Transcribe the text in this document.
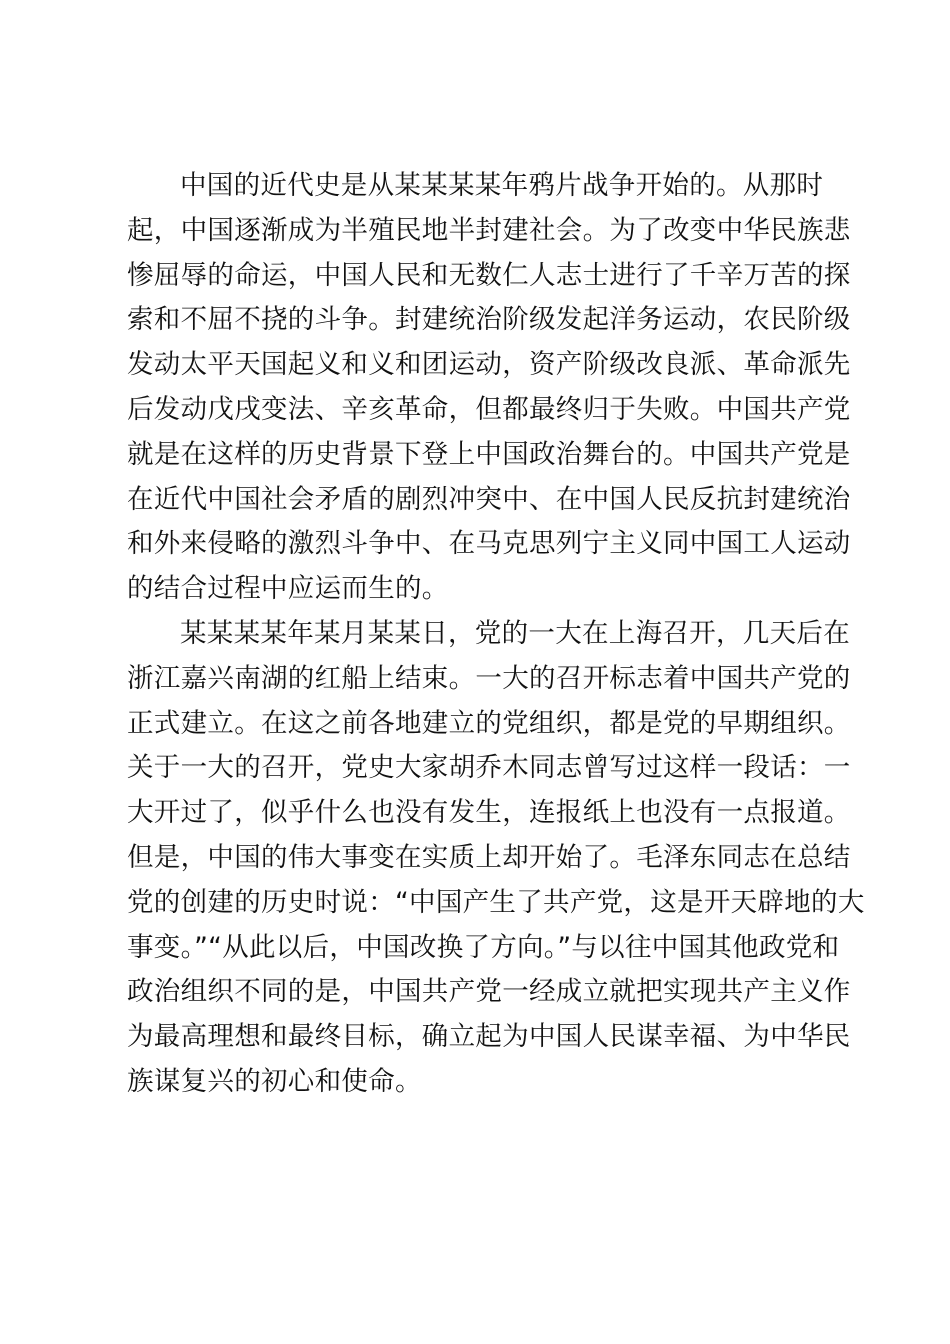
中国的近代史是从某某某某年鸦片战争开始的。从那时
起，中国逐渐成为半殖民地半封建社会。为了改变中华民族悲
惨屈辱的命运，中国人民和无数仁人志士进行了千辛万苦的探
索和不屈不挠的斗争。封建统治阶级发起洋务运动，农民阶级
发动太平天国起义和义和团运动，资产阶级改良派、革命派先
后发动戊戌变法、辛亥革命，但都最终归于失败。中国共产党
就是在这样的历史背景下登上中国政治舞台的。中国共产党是
在近代中国社会矛盾的剧烈冲突中、在中国人民反抗封建统治
和外来侵略的激烈斗争中、在马克思列宁主义同中国工人运动
的结合过程中应运而生的。
某某某某年某月某某日，党的一大在上海召开，几天后在
浙江嘉兴南湖的红船上结束。一大的召开标志着中国共产党的
正式建立。在这之前各地建立的党组织，都是党的早期组织。
关于一大的召开，党史大家胡乔木同志曾写过这样一段话：一
大开过了，似乎什么也没有发生，连报纸上也没有一点报道。
但是，中国的伟大事变在实质上却开始了。毛泽东同志在总结
党的创建的历史时说：“中国产生了共产党，这是开天辟地的大
事变。”“从此以后，中国改换了方向。”与以往中国其他政党和
政治组织不同的是，中国共产党一经成立就把实现共产主义作
为最高理想和最终目标，确立起为中国人民谋幸福、为中华民
族谋复兴的初心和使命。
